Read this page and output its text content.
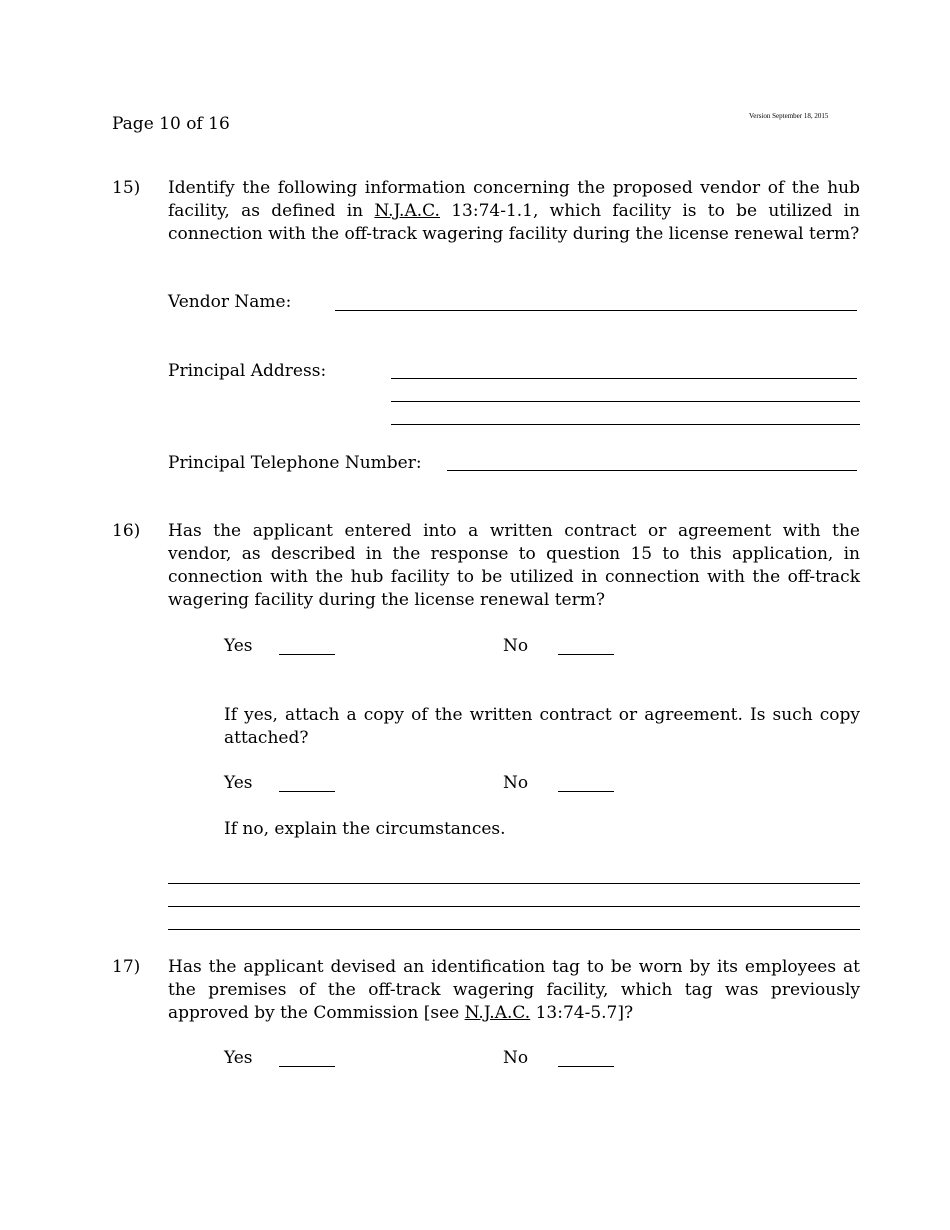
Page 10 of 16	Version September 18, 2015
15) Identify the following information concerning the proposed vendor of the hub facility, as defined in N.J.A.C. 13:74-1.1, which facility is to be utilized in connection with the off-track wagering facility during the license renewal term?
Vendor Name:
Principal Address:
Principal Telephone Number:
16) Has the applicant entered into a written contract or agreement with the vendor, as described in the response to question 15 to this application, in connection with the hub facility to be utilized in connection with the off-track wagering facility during the license renewal term?
Yes	No
If yes, attach a copy of the written contract or agreement. Is such copy attached?
Yes	No
If no, explain the circumstances.
17) Has the applicant devised an identification tag to be worn by its employees at the premises of the off-track wagering facility, which tag was previously approved by the Commission [see N.J.A.C. 13:74-5.7]?
Yes	No
